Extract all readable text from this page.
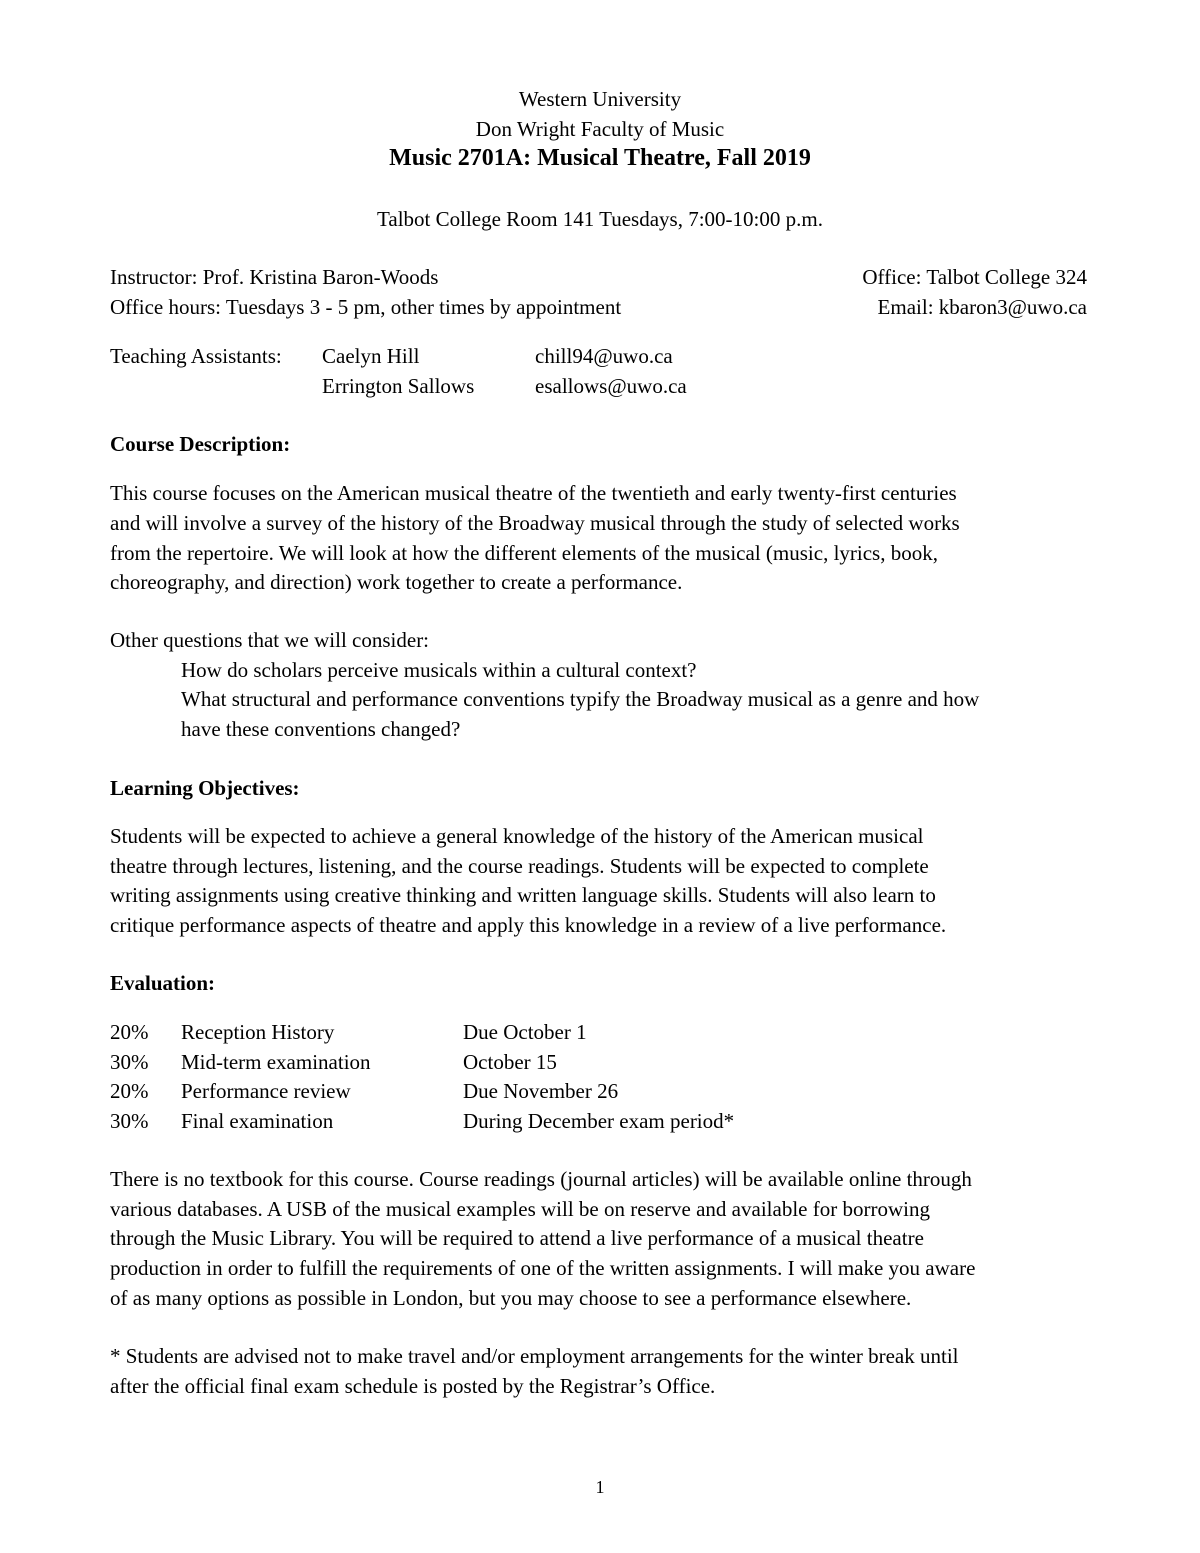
Western University
Don Wright Faculty of Music
Music 2701A: Musical Theatre, Fall 2019
Talbot College Room 141 Tuesdays, 7:00-10:00 p.m.
Instructor: Prof. Kristina Baron-Woods	Office: Talbot College 324
Office hours: Tuesdays 3 - 5 pm, other times by appointment	Email: kbaron3@uwo.ca
Teaching Assistants: Caelyn Hill	chill94@uwo.ca
Errington Sallows	esallows@uwo.ca
Course Description:
This course focuses on the American musical theatre of the twentieth and early twenty-first centuries
and will involve a survey of the history of the Broadway musical through the study of selected works
from the repertoire. We will look at how the different elements of the musical (music, lyrics, book,
choreography, and direction) work together to create a performance.
Other questions that we will consider:
How do scholars perceive musicals within a cultural context?
What structural and performance conventions typify the Broadway musical as a genre and how
have these conventions changed?
Learning Objectives:
Students will be expected to achieve a general knowledge of the history of the American musical
theatre through lectures, listening, and the course readings. Students will be expected to complete
writing assignments using creative thinking and written language skills. Students will also learn to
critique performance aspects of theatre and apply this knowledge in a review of a live performance.
Evaluation:
20% Reception History	Due October 1
30% Mid-term examination	October 15
20% Performance review	Due November 26
30% Final examination	During December exam period*
There is no textbook for this course. Course readings (journal articles) will be available online through
various databases. A USB of the musical examples will be on reserve and available for borrowing
through the Music Library. You will be required to attend a live performance of a musical theatre
production in order to fulfill the requirements of one of the written assignments. I will make you aware
of as many options as possible in London, but you may choose to see a performance elsewhere.
* Students are advised not to make travel and/or employment arrangements for the winter break until
after the official final exam schedule is posted by the Registrar’s Office.
1
